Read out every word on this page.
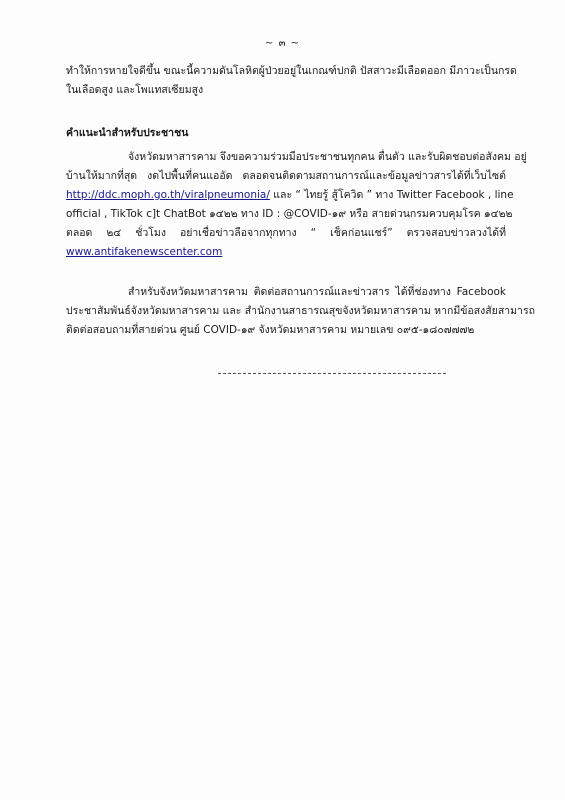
~ ๓ ~
ทำให้การหายใจดีขึ้น ขณะนี้ความดันโลหิตผู้ป่วยอยู่ในเกณฑ์ปกติ ปัสสาวะมีเลือดออก มีภาวะเป็นกรด
ในเลือดสูง และโพแทสเซียมสูง
คำแนะนำสำหรับประชาชน
จังหวัดมหาสารคาม จึงขอความร่วมมือประชาชนทุกคน ตื่นตัว และรับผิดชอบต่อสังคม อยู่
บ้านให้มากที่สุด งดไปพื้นที่คนแออัด ตลอดจนติดตามสถานการณ์และข้อมูลข่าวสารได้ที่เว็บไซต์
http://ddc.moph.go.th/viralpneumonia/ และ “ ไทยรู้ สู้โควิด ” ทาง Twitter Facebook , line
official , TikTok c]t ChatBot ๑๔๒๒ ทาง ID : @COVID-๑๙ หรือ สายด่วนกรมควบคุมโรค ๑๔๒๒
ตลอด ๒๔ ชั่วโมง อย่าเชื่อข่าวลือจากทุกทาง “ เช็คก่อนแชร์” ตรวจสอบข่าวลวงได้ที่
www.antifakenewscenter.com
สำหรับจังหวัดมหาสารคาม ติดต่อสถานการณ์และข่าวสาร ได้ที่ช่องทาง Facebook
ประชาสัมพันธ์จังหวัดมหาสารคาม และ สำนักงานสาธารณสุขจังหวัดมหาสารคาม หากมีข้อสงสัยสามารถ
ติดต่อสอบถามที่สายด่วน ศูนย์ COVID-๑๙ จังหวัดมหาสารคาม หมายเลข ๐๙๕-๑๘๐๗๗๗๒
